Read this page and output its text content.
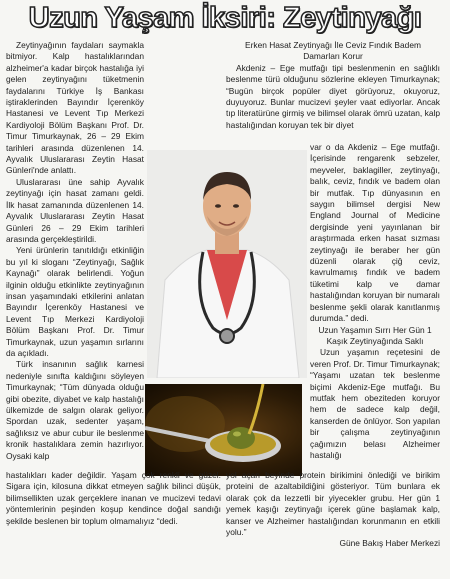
Uzun Yaşam İksiri: Zeytinyağı

Zeytinyağının faydaları saymakla bitmiyor. Kalp hastalıklarından alzheimer'a kadar birçok hastalığa iyi gelen zeytinyağını tüketmenin faydalarını Türkiye İş Bankası iştiraklerinden Bayındır İçerenköy Hastanesi ve Levent Tıp Merkezi Kardiyoloji Bölüm Başkanı Prof. Dr. Timur Timurkaynak, 26 – 29 Ekim tarihleri arasında düzenlenen 14. Ayvalık Uluslararası Zeytin Hasat Günleri'nde anlattı.

Uluslararası üne sahip Ayvalık zeytinyağı için hasat zamanı geldi. İlk hasat zamanında düzenlenen 14. Ayvalık Uluslararası Zeytin Hasat Günleri 26 – 29 Ekim tarihleri arasında gerçekleştirildi.

Yeni ürünlerin tanıtıldığı etkinliğin bu yıl ki sloganı “Zeytinyağı, Sağlık Kaynağı” olarak belirlendi. Yoğun ilginin olduğu etkinlikte zeytinyağının insan yaşamındaki etkilerini anlatan Bayındır İçerenköy Hastanesi ve Levent Tıp Merkezi Kardiyoloji Bölüm Başkanı Prof. Dr. Timur Timurkaynak, uzun yaşamın sırlarını da açıkladı.

Türk insanının sağlık karnesi nedeniyle sınıfta kaldığını söyleyen Timurkaynak; “Tüm dünyada olduğu gibi obezite, diyabet ve kalp hastalığı ülkemizde de salgın olarak geliyor. Spordan uzak, sedenter yaşam, sağlıksız ve abur cubur ile beslenme kronik hastalıklara zemin hazırlıyor. Oysaki kalp

Erken Hasat Zeytinyağı İle Ceviz Fındık Badem Damarları Korur

Akdeniz – Ege mutfağı tipi beslenmenin en sağlıklı beslenme türü olduğunu sözlerine ekleyen Timurkaynak; “Bugün birçok popüler diyet görüyoruz, okuyoruz, duyuyoruz. Bunlar mucizevi şeyler vaat ediyorlar. Ancak tıp literatürüne girmiş ve bilimsel olarak ömrü uzatan, kalp hastalığından koruyan tek bir diyet

var o da Akdeniz – Ege mutfağı. İçerisinde rengarenk sebzeler, meyveler, baklagiller, zeytinyağı, balık, ceviz, fındık ve badem olan bir mutfak. Tıp dünyasının en saygın bilimsel dergisi New England Journal of Medicine dergisinde yeni yayınlanan bir araştırmada erken hasat sızması zeytinyağı ile beraber her gün düzenli olarak çiğ ceviz, kavrulmamış fındık ve badem tüketimi kalp ve damar hastalığından koruyan bir numaralı beslenme şekli olarak kanıtlanmış durumda.” dedi.

Uzun Yaşamın Sırrı Her Gün 1 Kaşık Zeytinyağında Saklı

Uzun yaşamın reçetesini de veren Prof. Dr. Timur Timurkaynak; “Yaşamı uzatan tek beslenme biçimi Akdeniz-Ege mutfağı. Bu mutfak hem obeziteden koruyor hem de sadece kalp değil, kanserden de önlüyor. Son yapılan bir çalışma zeytinyağının çağımızın belası Alzheimer hastalığı

hastalıkları kader değildir. Yaşam çok renkli ve güzel. Sigara için, kilosuna dikkat etmeyen sağlık bilinci düşük, bilimsellikten uzak gerçeklere inanan ve mucizevi tedavi yöntemlerinin peşinden koşup kendince doğal sandığı şekilde beslenen bir toplum olmamalıyız “dedi.

yol açan beyinde protein birikimini önlediği ve birikim proteini de azaltabildiğini gösteriyor. Tüm bunlara ek olarak çok da lezzetli bir yiyecekler grubu. Her gün 1 yemek kaşığı zeytinyağı içerek güne başlamak kalp, kanser ve Alzheimer hastalığından korunmanın en etkili yolu.”

Güne Bakış Haber Merkezi
